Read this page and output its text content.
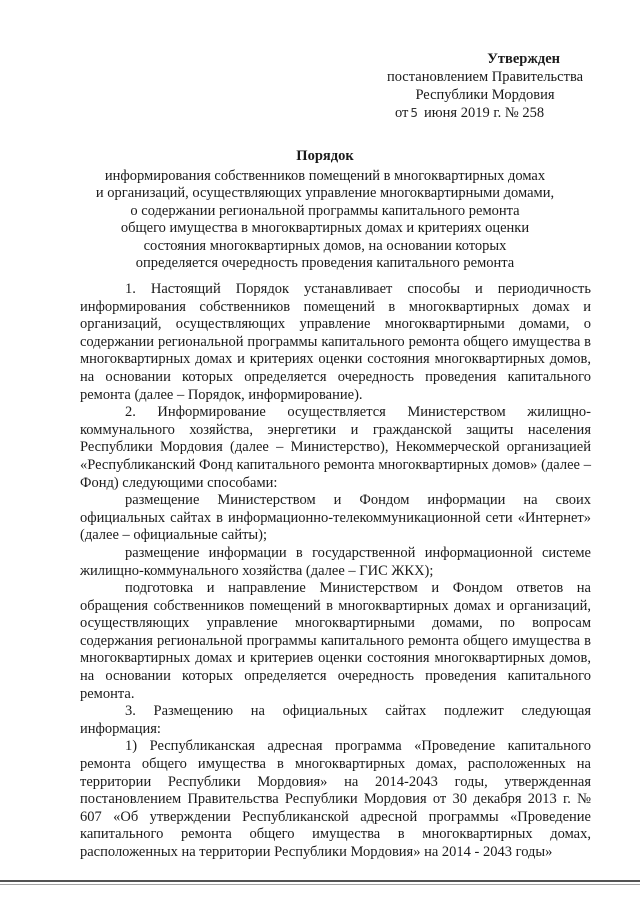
Утвержден
постановлением Правительства
Республики Мордовия
от 5 июня 2019 г. № 258
Порядок
информирования собственников помещений в многоквартирных домах
и организаций, осуществляющих управление многоквартирными домами,
о содержании региональной программы капитального ремонта
общего имущества в многоквартирных домах и критериях оценки
состояния многоквартирных домов, на основании которых
определяется очередность проведения капитального ремонта

1. Настоящий Порядок устанавливает способы и периодичность информирования собственников помещений в многоквартирных домах и организаций, осуществляющих управление многоквартирными домами, о содержании региональной программы капитального ремонта общего имущества в многоквартирных домах и критериях оценки состояния многоквартирных домов, на основании которых определяется очередность проведения капитального ремонта (далее – Порядок, информирование).

2. Информирование осуществляется Министерством жилищно-коммунального хозяйства, энергетики и гражданской защиты населения Республики Мордовия (далее – Министерство), Некоммерческой организацией «Республиканский Фонд капитального ремонта многоквартирных домов» (далее – Фонд) следующими способами:

размещение Министерством и Фондом информации на своих официальных сайтах в информационно-телекоммуникационной сети «Интернет» (далее – официальные сайты);

размещение информации в государственной информационной системе жилищно-коммунального хозяйства (далее – ГИС ЖКХ);

подготовка и направление Министерством и Фондом ответов на обращения собственников помещений в многоквартирных домах и организаций, осуществляющих управление многоквартирными домами, по вопросам содержания региональной программы капитального ремонта общего имущества в многоквартирных домах и критериев оценки состояния многоквартирных домов, на основании которых определяется очередность проведения капитального ремонта.

3. Размещению на официальных сайтах подлежит следующая информация:

1) Республиканская адресная программа «Проведение капитального ремонта общего имущества в многоквартирных домах, расположенных на территории Республики Мордовия» на 2014-2043 годы, утвержденная постановлением Правительства Республики Мордовия от 30 декабря 2013 г. № 607 «Об утверждении Республиканской адресной программы «Проведение капитального ремонта общего имущества в многоквартирных домах, расположенных на территории Республики Мордовия» на 2014 - 2043 годы»
